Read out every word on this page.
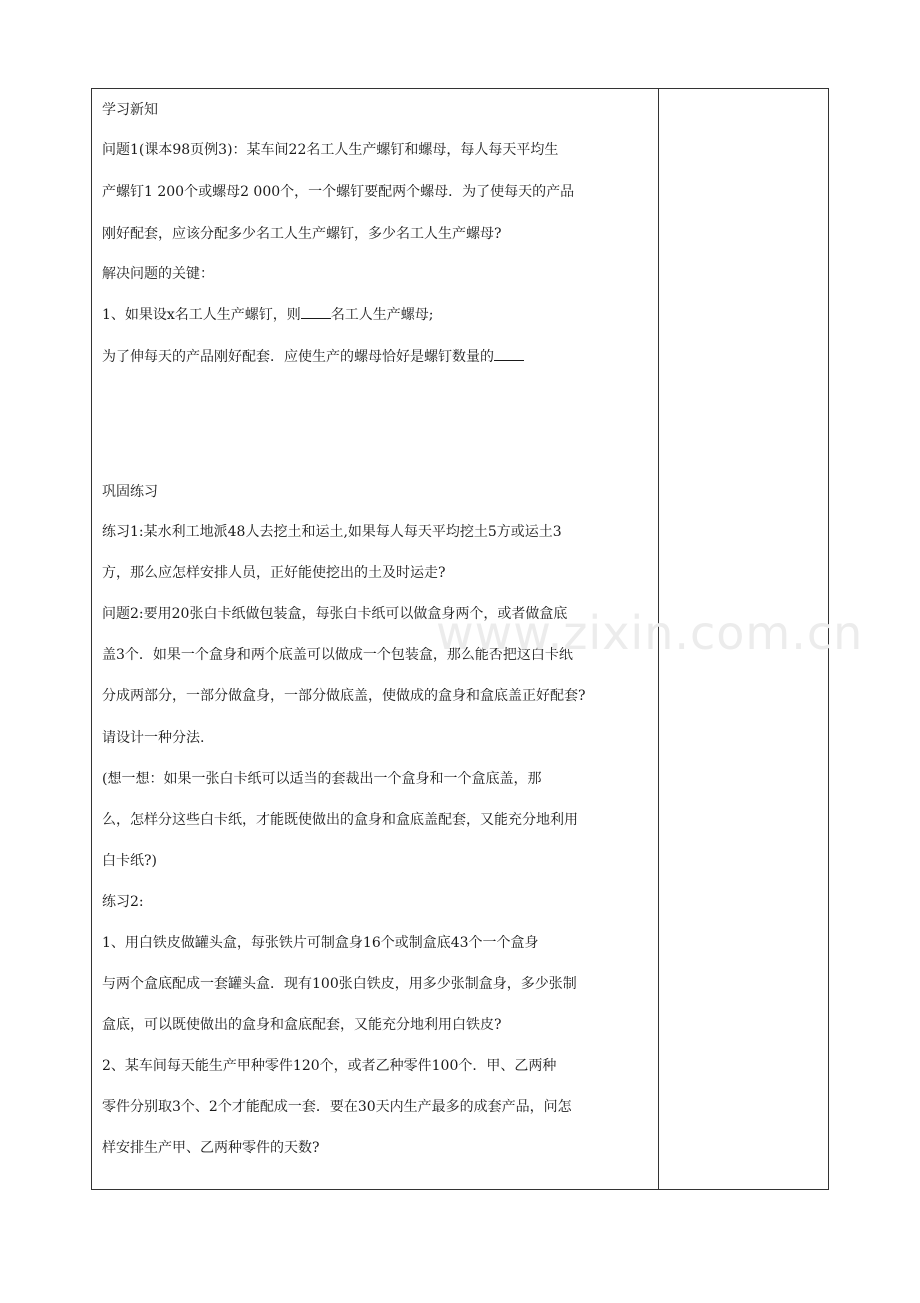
学习新知
问题1(课本98页例3)：某车间22名工人生产螺钉和螺母，每人每天平均生
产螺钉1 200个或螺母2 000个，一个螺钉要配两个螺母．为了使每天的产品
刚好配套，应该分配多少名工人生产螺钉，多少名工人生产螺母?
解决问题的关键：
1、如果设x名工人生产螺钉，则 名工人生产螺母;
为了伸每天的产品刚好配套．应使生产的螺母恰好是螺钉数量的
巩固练习
练习1:某水利工地派48人去挖土和运土,如果每人每天平均挖土5方或运土3
方，那么应怎样安排人员，正好能使挖出的土及时运走?
问题2:要用20张白卡纸做包装盒，每张白卡纸可以做盒身两个，或者做盒底
盖3个．如果一个盒身和两个底盖可以做成一个包装盒，那么能否把这白卡纸
分成两部分，一部分做盒身，一部分做底盖，使做成的盒身和盒底盖正好配套?
请设计一种分法.
(想一想：如果一张白卡纸可以适当的套裁出一个盒身和一个盒底盖，那
么，怎样分这些白卡纸，才能既使做出的盒身和盒底盖配套，又能充分地利用
白卡纸?)
练习2:
1、用白铁皮做罐头盒，每张铁片可制盒身16个或制盒底43个一个盒身
与两个盒底配成一套罐头盒．现有100张白铁皮，用多少张制盒身，多少张制
盒底，可以既使做出的盒身和盒底配套，又能充分地利用白铁皮?
2、某车间每天能生产甲种零件120个，或者乙种零件100个．甲、乙两种
零件分别取3个、2个才能配成一套．要在30天内生产最多的成套产品，问怎
样安排生产甲、乙两种零件的天数?
www.zixin.com.cn
